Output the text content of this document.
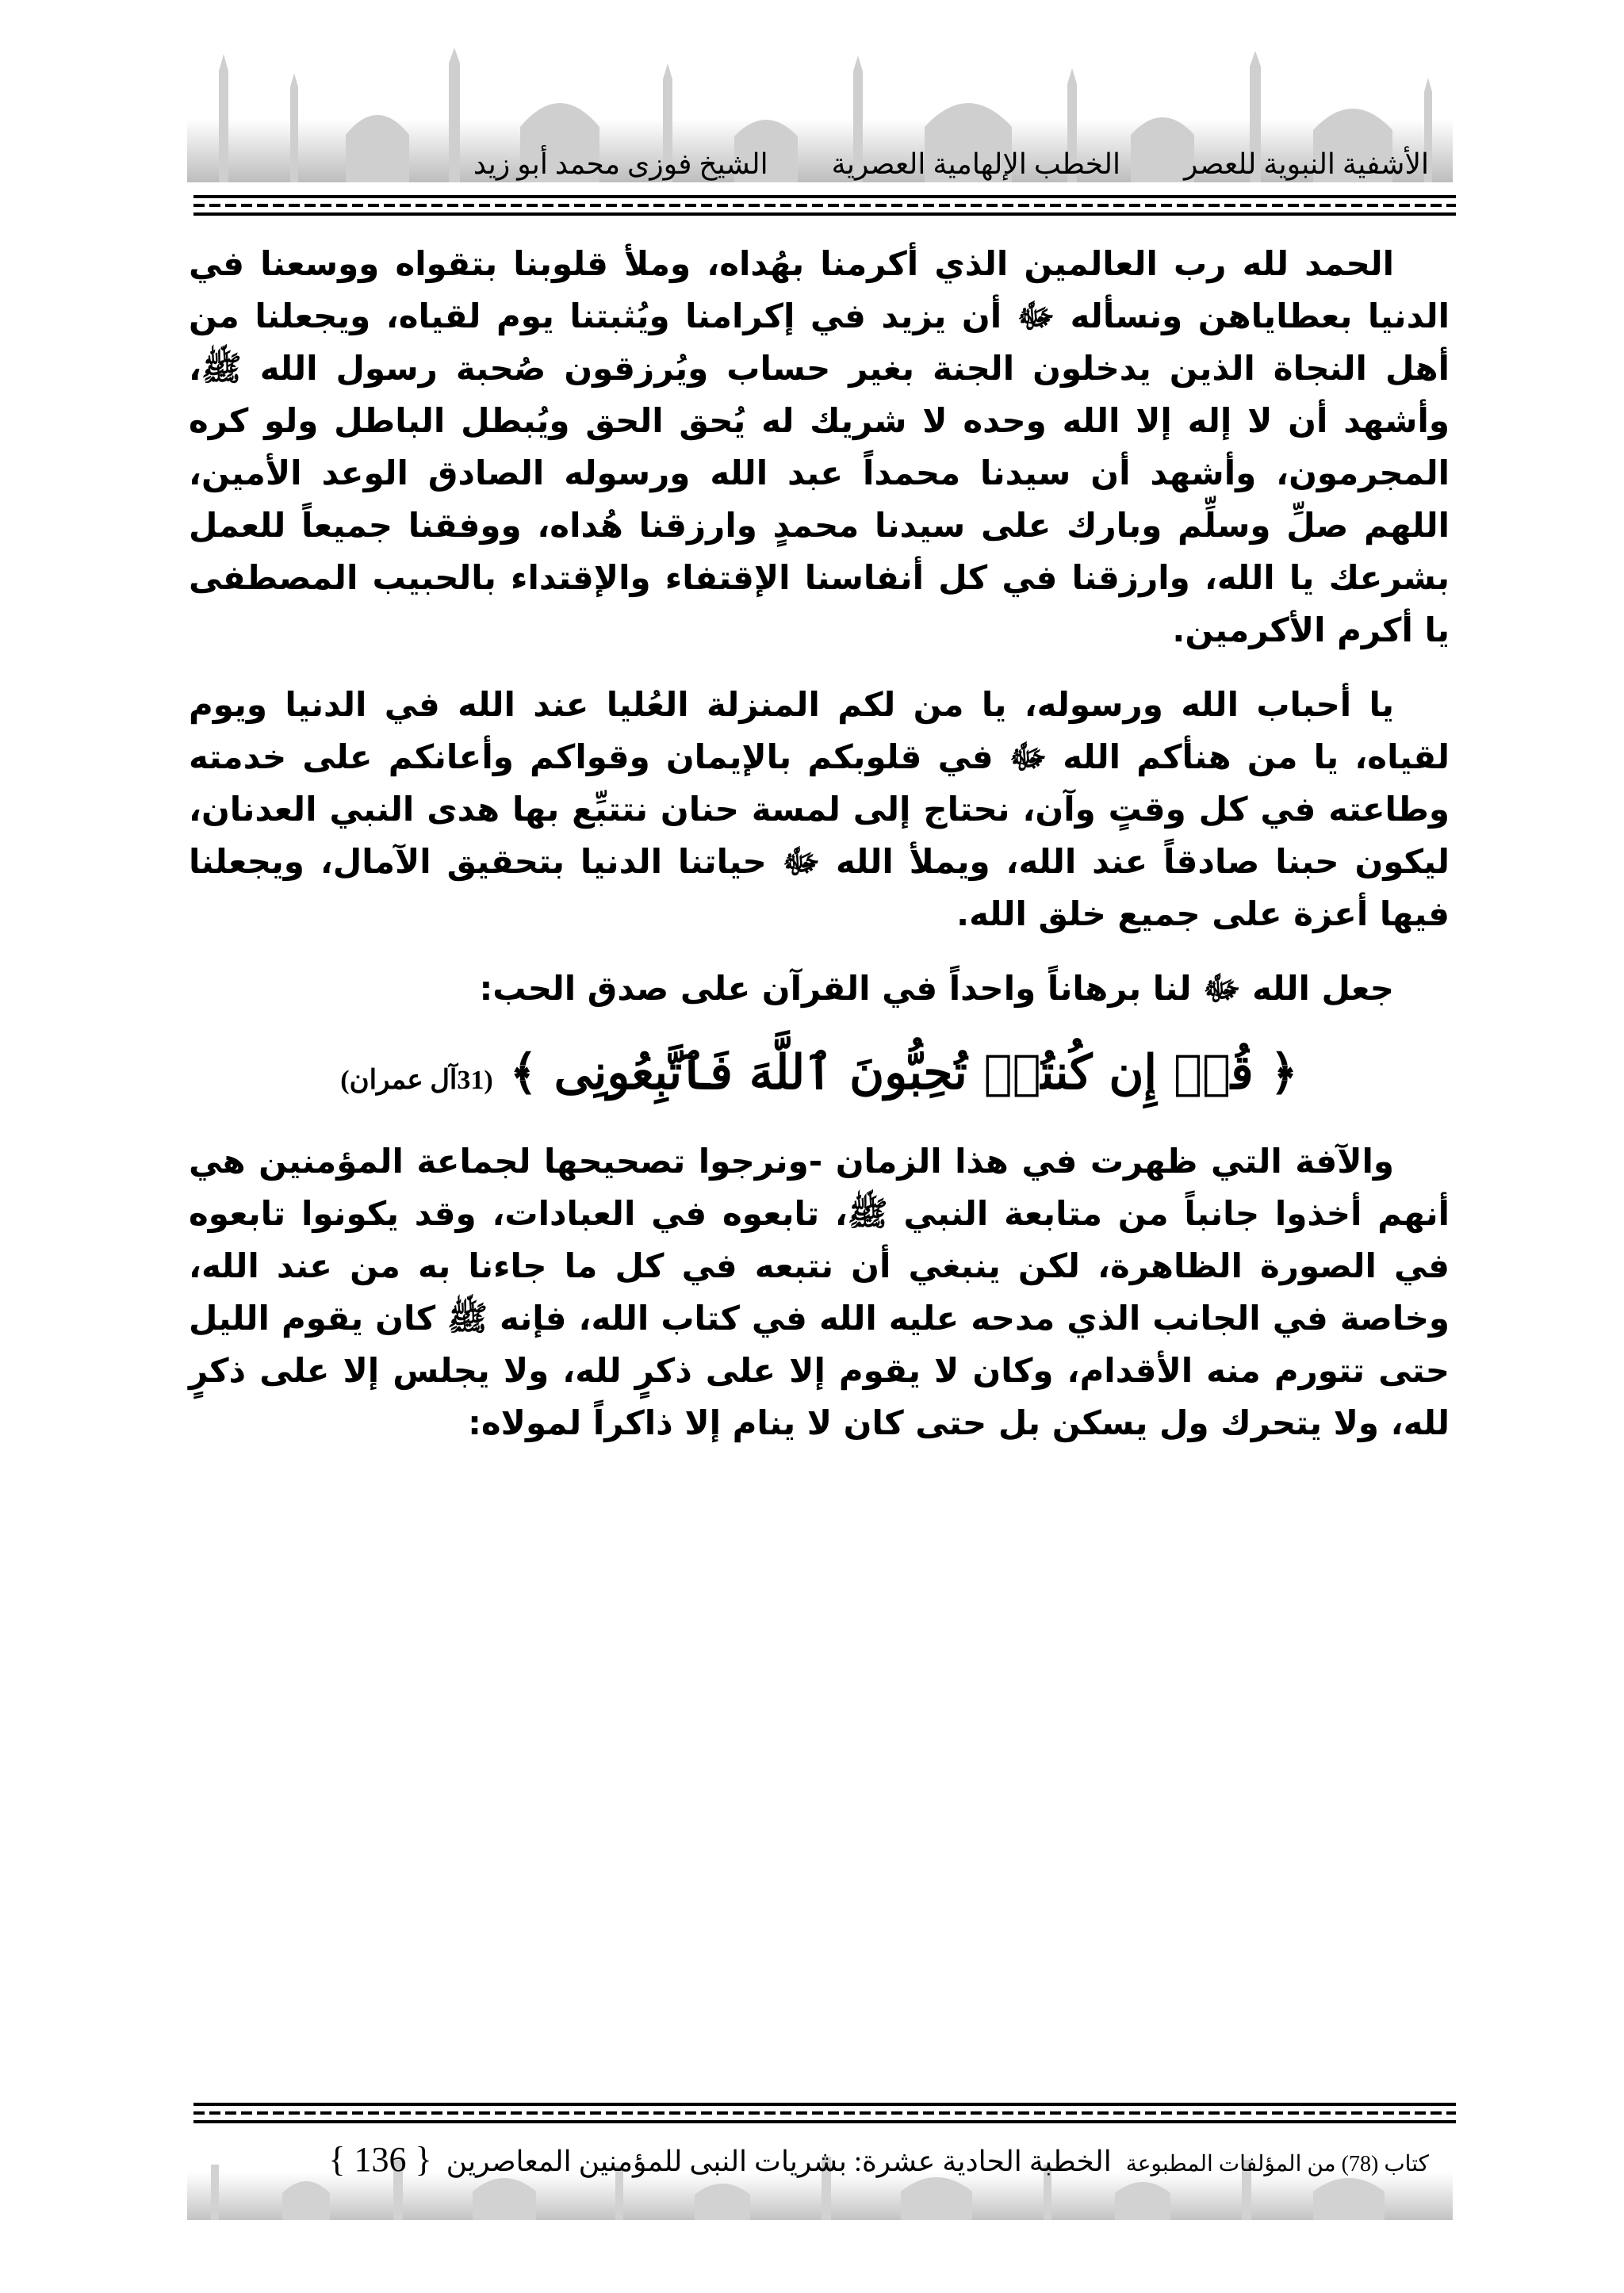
الأشفية النبوية للعصر
الخطب الإلهامية العصرية
الشيخ فوزى محمد أبو زيد

الحمد لله رب العالمين الذي أكرمنا بهُداه، وملأ قلوبنا بتقواه ووسعنا في الدنيا بعطاياهن ونسأله ﷻ أن يزيد في إكرامنا ويُثبتنا يوم لقياه، ويجعلنا من أهل النجاة الذين يدخلون الجنة بغير حساب ويُرزقون صُحبة رسول الله ﷺ، وأشهد أن لا إله إلا الله وحده لا شريك له يُحق الحق ويُبطل الباطل ولو كره المجرمون، وأشهد أن سيدنا محمداً عبد الله ورسوله الصادق الوعد الأمين، اللهم صلِّ وسلِّم وبارك على سيدنا محمدٍ وارزقنا هُداه، ووفقنا جميعاً للعمل بشرعك يا الله، وارزقنا في كل أنفاسنا الإقتفاء والإقتداء بالحبيب المصطفى يا أكرم الأكرمين.

يا أحباب الله ورسوله، يا من لكم المنزلة العُليا عند الله في الدنيا ويوم لقياه، يا من هنأكم الله ﷻ في قلوبكم بالإيمان وقواكم وأعانكم على خدمته وطاعته في كل وقتٍ وآن، نحتاج إلى لمسة حنان نتتبِّع بها هدى النبي العدنان، ليكون حبنا صادقاً عند الله، ويملأ الله ﷻ حياتنا الدنيا بتحقيق الآمال، ويجعلنا فيها أعزة على جميع خلق الله.

جعل الله ﷻ لنا برهاناً واحداً في القرآن على صدق الحب:

﴿ قُلۡ إِن كُنتُمۡ تُحِبُّونَ ٱللَّهَ فَٱتَّبِعُونِى ﴾ (31آل عمران)

والآفة التي ظهرت في هذا الزمان -ونرجوا تصحيحها لجماعة المؤمنين هي أنهم أخذوا جانباً من متابعة النبي ﷺ، تابعوه في العبادات، وقد يكونوا تابعوه في الصورة الظاهرة، لكن ينبغي أن نتبعه في كل ما جاءنا به من عند الله، وخاصة في الجانب الذي مدحه عليه الله في كتاب الله، فإنه ﷺ كان يقوم الليل حتى تتورم منه الأقدام، وكان لا يقوم إلا على ذكرٍ لله، ولا يجلس إلا على ذكرٍ لله، ولا يتحرك ول يسكن بل حتى كان لا ينام إلا ذاكراً لمولاه:

كتاب (78) من المؤلفات المطبوعة
الخطبة الحادية عشرة: بشريات النبى للمؤمنين المعاصرين
{ 136 }
